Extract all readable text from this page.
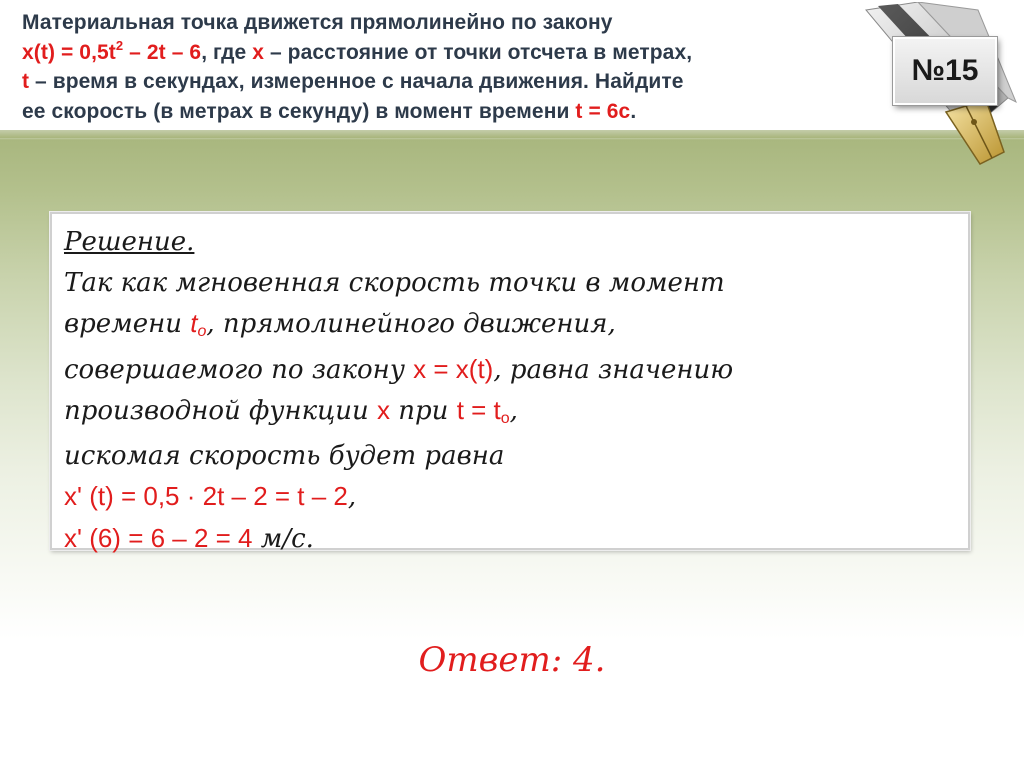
Материальная точка движется прямолинейно по закону
$x(t) = 0,5t^2 - 2t - 6$, где x – расстояние от точки отсчета в метрах,
t – время в секундах, измеренное с начала движения. Найдите
ее скорость (в метрах в секунду) в момент времени t = 6c.
№15
Решение.
Так как мгновенная скорость точки в момент
времени $t_o$, прямолинейного движения,
совершаемого по закону x = x(t), равна значению
производной функции x при $t = t_o$,
искомая скорость будет равна
x' (t) = 0,5 · 2t – 2 = t – 2,
x' (6) = 6 – 2 = 4 м/с.
Ответ: 4.
